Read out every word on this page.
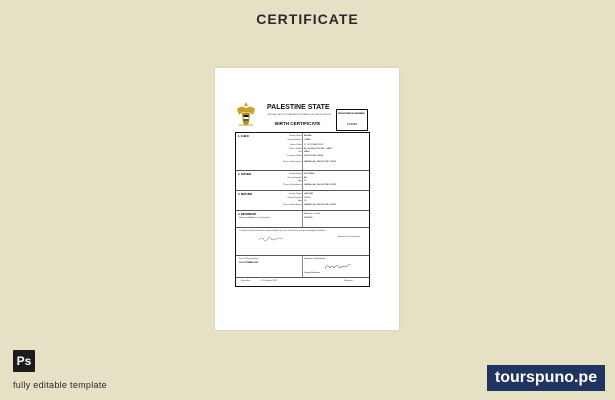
CERTIFICATE
PALESTINE STATE
OFFICIAL VALID IN TRANSMISSION AND FOR CERTIFICATION
BIRTH CERTIFICATE
REGISTRATION NUMBER
123456
1. CHILD	Family Name AHMAD
Given Name(s) OMAR
Date of Birth 17 OCTOBER 2021
Place of Birth AL SHIFA HOSPITAL, GAZA
Sex MALE
Country of Birth PALESTINE STATE
Place of Residence RAMALLAH, PALESTINE STATE
2. FATHER	Family Name MUSTAFA
Given Name(s) ALI
Age 35
Place of Residence RAMALLAH, PALESTINE STATE
3. MOTHER	Family Name HASSAN
Given Name(s) LEILA
Age 32
Place of Residence RAMALLAH, PALESTINE STATE
4. INFORMANT
Name and Address of Informant
Relation to child
FATHER
I certify that the particulars entered above are true to the best of my knowledge and belief
Signature of Informant
Date of Registration
18 OCTOBER 2021
Signature of Registrar
Deputy Registrar
Ramallah	18 October 2021	Registrar
Ps
fully editable template	tourspuno.pe
